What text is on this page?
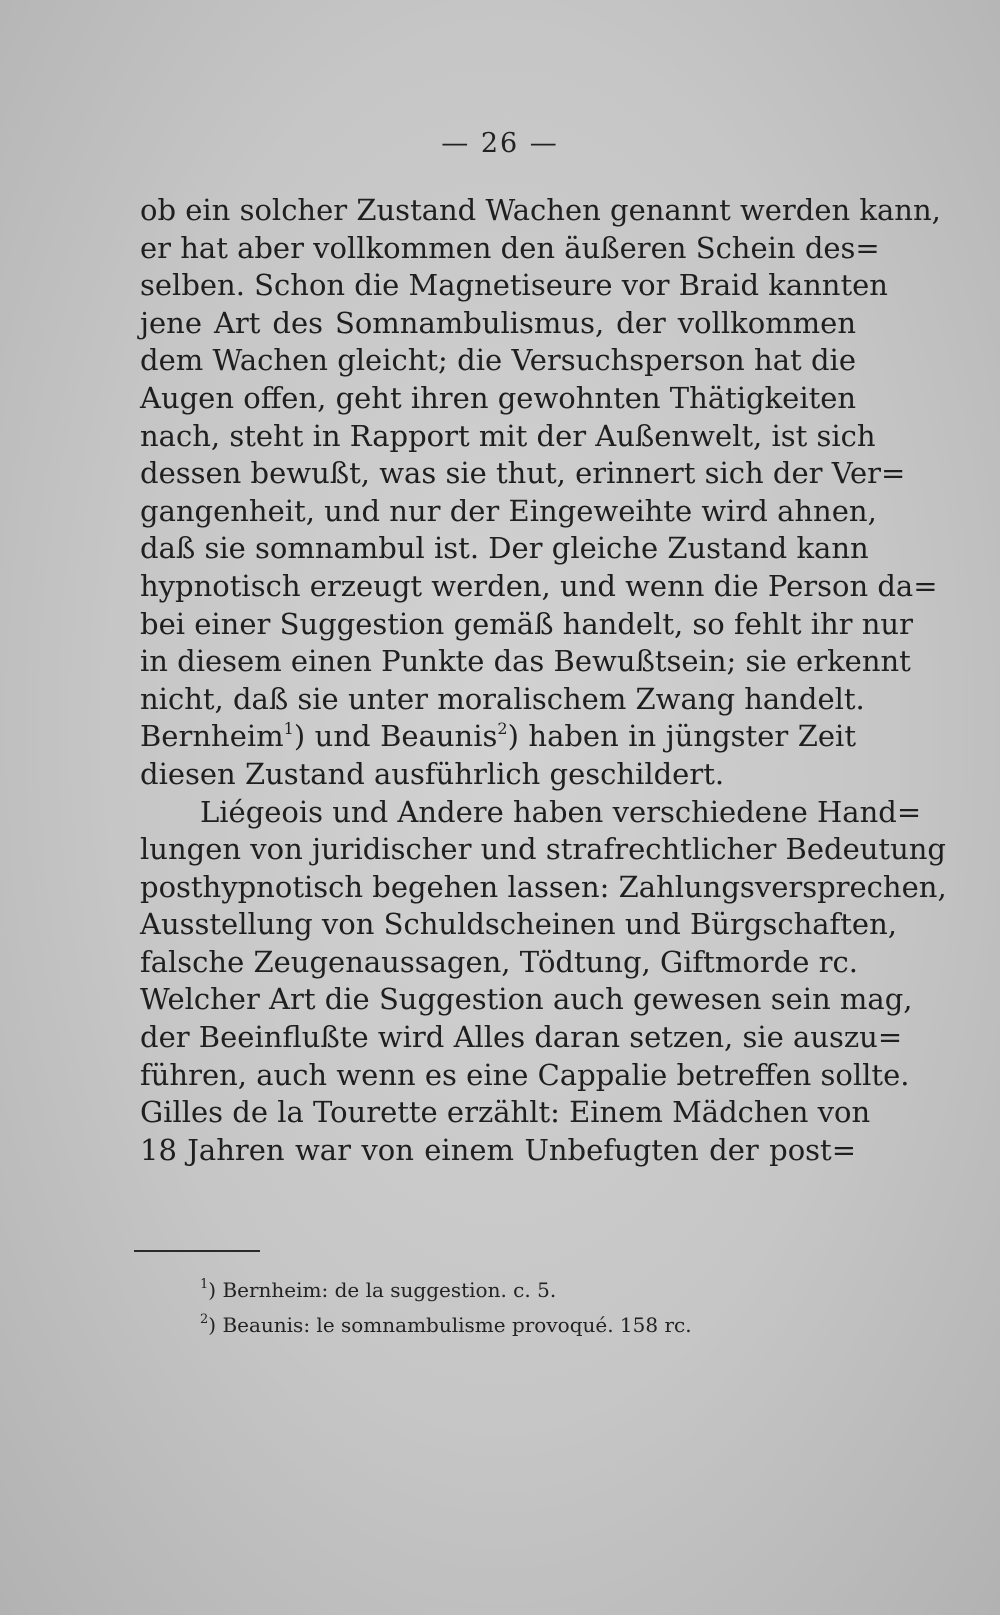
— 26 —
ob ein solcher Zustand Wachen genannt werden kann,
er hat aber vollkommen den äußeren Schein des=
selben. Schon die Magnetiseure vor Braid kannten
jene Art des Somnambulismus, der vollkommen
dem Wachen gleicht; die Versuchsperson hat die
Augen offen, geht ihren gewohnten Thätigkeiten
nach, steht in Rapport mit der Außenwelt, ist sich
dessen bewußt, was sie thut, erinnert sich der Ver=
gangenheit, und nur der Eingeweihte wird ahnen,
daß sie somnambul ist. Der gleiche Zustand kann
hypnotisch erzeugt werden, und wenn die Person da=
bei einer Suggestion gemäß handelt, so fehlt ihr nur
in diesem einen Punkte das Bewußtsein; sie erkennt
nicht, daß sie unter moralischem Zwang handelt.
Bernheim$^1$) und Beaunis$^2$) haben in jüngster Zeit
diesen Zustand ausführlich geschildert.
Liégeois und Andere haben verschiedene Hand=
lungen von juridischer und strafrechtlicher Bedeutung
posthypnotisch begehen lassen: Zahlungsversprechen,
Ausstellung von Schuldscheinen und Bürgschaften,
falsche Zeugenaussagen, Tödtung, Giftmorde rc.
Welcher Art die Suggestion auch gewesen sein mag,
der Beeinflußte wird Alles daran setzen, sie auszu=
führen, auch wenn es eine Cappalie betreffen sollte.
Gilles de la Tourette erzählt: Einem Mädchen von
18 Jahren war von einem Unbefugten der post=
$^1$) Bernheim: de la suggestion. c. 5.
$^2$) Beaunis: le somnambulisme provoqué. 158 rc.
